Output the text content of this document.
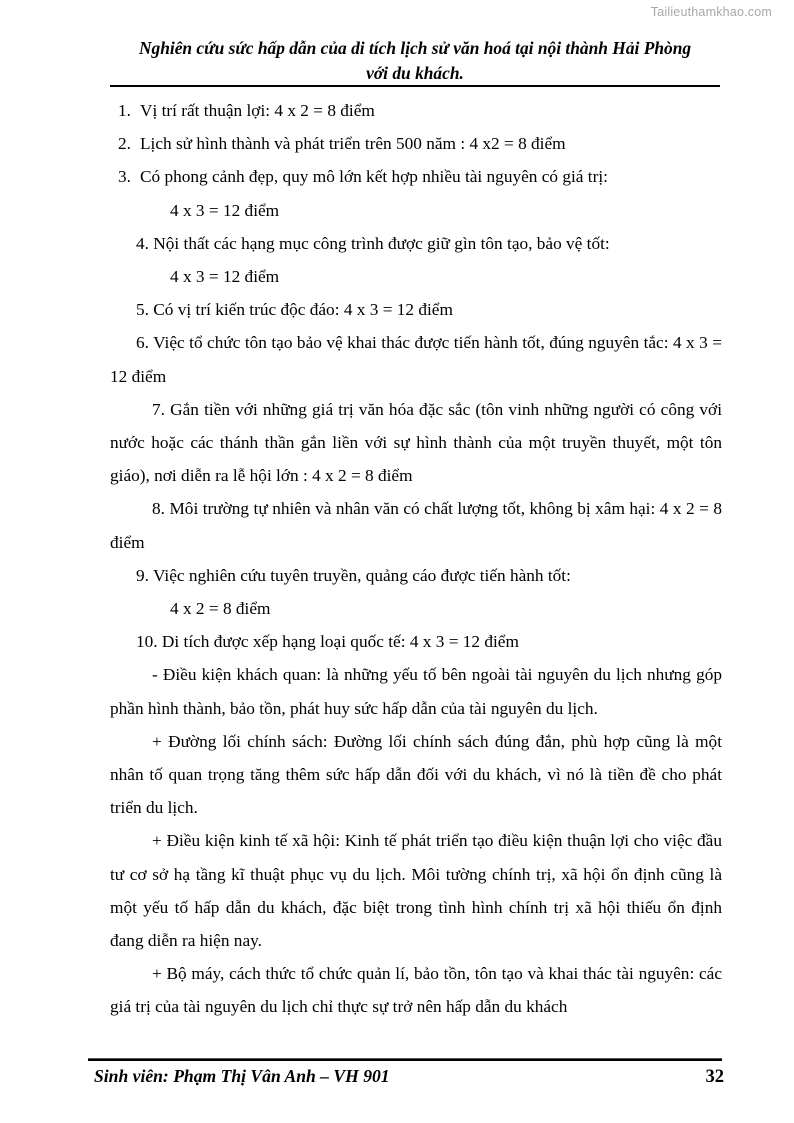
Tailieuthamkhao.com
Nghiên cứu sức hấp dẫn của di tích lịch sử văn hoá tại nội thành Hải Phòng
với du khách.

1. Vị trí rất thuận lợi: 4 x 2 = 8 điểm

2. Lịch sử hình thành và phát triển trên 500 năm : 4 x2 = 8 điểm

3. Có phong cảnh đẹp, quy mô lớn kết hợp nhiều tài nguyên có giá trị:

4 x 3 = 12 điểm

4. Nội thất các hạng mục công trình được giữ gìn tôn tạo, bảo vệ tốt:

4 x 3 = 12 điểm

5. Có vị trí kiến trúc độc đáo: 4 x 3 = 12 điểm

6. Việc tổ chức tôn tạo bảo vệ khai thác được tiến hành tốt, đúng nguyên tắc: 4 x 3 = 12 điểm

7. Gắn tiền với những giá trị văn hóa đặc sắc (tôn vinh những người có công với nước hoặc các thánh thần gắn liền với sự hình thành của một truyền thuyết, một tôn giáo), nơi diễn ra lễ hội lớn : 4 x 2 = 8 điểm

8. Môi trường tự nhiên và nhân văn có chất lượng tốt, không bị xâm hại: 4 x 2 = 8 điểm

9. Việc nghiên cứu tuyên truyền, quảng cáo được tiến hành tốt:

4 x 2 = 8 điểm

10. Di tích được xếp hạng loại quốc tế: 4 x 3 = 12 điểm

- Điều kiện khách quan: là những yếu tố bên ngoài tài nguyên du lịch nhưng góp phần hình thành, bảo tồn, phát huy sức hấp dẫn của tài nguyên du lịch.

+ Đường lối chính sách: Đường lối chính sách đúng đắn, phù hợp cũng là một nhân tố quan trọng tăng thêm sức hấp dẫn đối với du khách, vì nó là tiền đề cho phát triển du lịch.

+ Điều kiện kinh tế xã hội: Kinh tế phát triển tạo điều kiện thuận lợi cho việc đầu tư cơ sở hạ tầng kĩ thuật phục vụ du lịch. Môi tường chính trị, xã hội ổn định cũng là một yếu tố hấp dẫn du khách, đặc biệt trong tình hình chính trị xã hội thiếu ổn định đang diễn ra hiện nay.

+ Bộ máy, cách thức tổ chức quản lí, bảo tồn, tôn tạo và khai thác tài nguyên: các giá trị của tài nguyên du lịch chỉ thực sự trở nên hấp dẫn du khách

Sinh viên: Phạm Thị Vân Anh – VH 901	32
